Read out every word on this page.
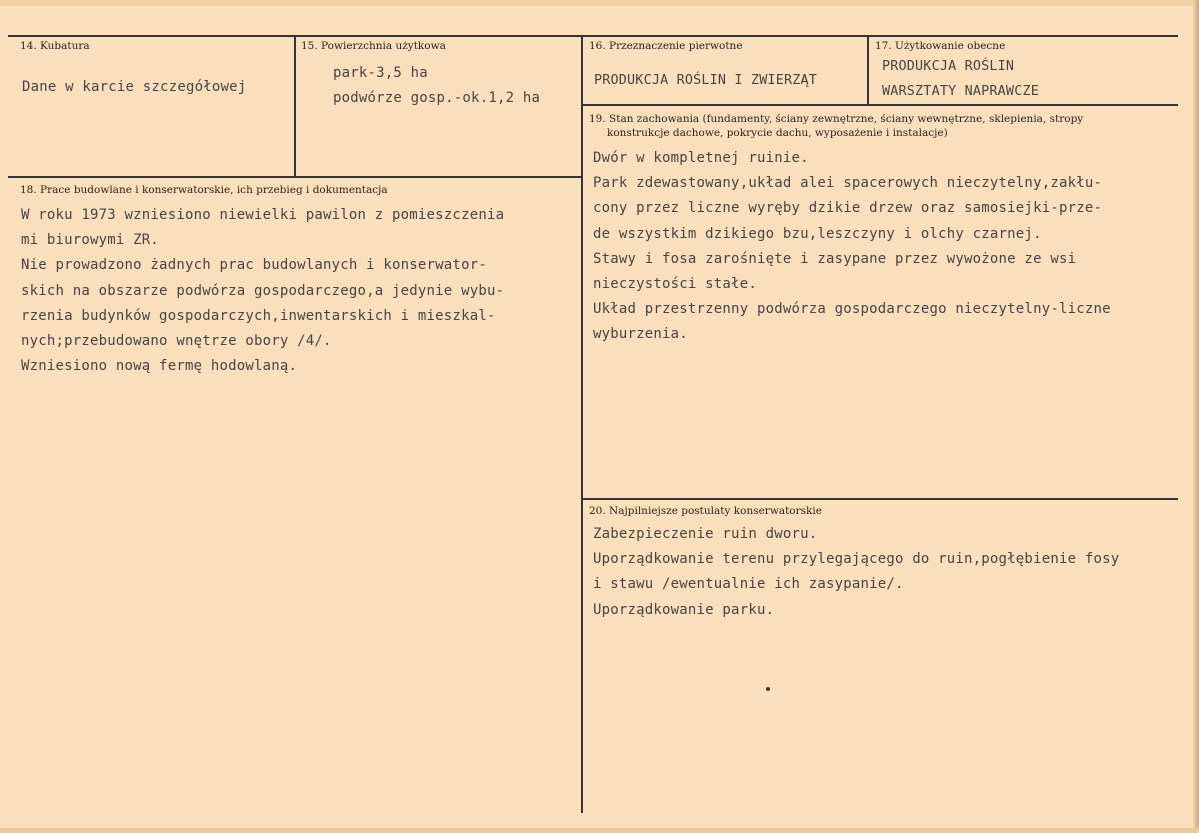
14. Kubatura
Dane w karcie szczegółowej
15. Powierzchnia użytkowa
park-3,5 ha
podwórze gosp.-ok.1,2 ha
16. Przeznaczenie pierwotne
PRODUKCJA ROŚLIN I ZWIERZĄT
17. Użytkowanie obecne
PRODUKCJA ROŚLIN
WARSZTATY NAPRAWCZE
18. Prace budowlane i konserwatorskie, ich przebieg i dokumentacja
W roku 1973 wzniesiono niewielki pawilon z pomieszczenia
mi biurowymi ZR.
Nie prowadzono żadnych prac budowlanych i konserwator-
skich na obszarze podwórza gospodarczego,a jedynie wybu-
rzenia budynków gospodarczych,inwentarskich i mieszkal-
nych;przebudowano wnętrze obory /4/.
Wzniesiono nową fermę hodowlaną.
19. Stan zachowania (fundamenty, ściany zewnętrzne, ściany wewnętrzne, sklepienia, stropy
konstrukcje dachowe, pokrycie dachu, wyposażenie i instalacje)
Dwór w kompletnej ruinie.
Park zdewastowany,układ alei spacerowych nieczytelny,zakłu-
cony przez liczne wyręby dzikie drzew oraz samosiejki-prze-
de wszystkim dzikiego bzu,leszczyny i olchy czarnej.
Stawy i fosa zarośnięte i zasypane przez wywożone ze wsi
nieczystości stałe.
Układ przestrzenny podwórza gospodarczego nieczytelny-liczne
wyburzenia.
20. Najpilniejsze postulaty konserwatorskie
Zabezpieczenie ruin dworu.
Uporządkowanie terenu przylegającego do ruin,pogłębienie fosy
i stawu /ewentualnie ich zasypanie/.
Uporządkowanie parku.
